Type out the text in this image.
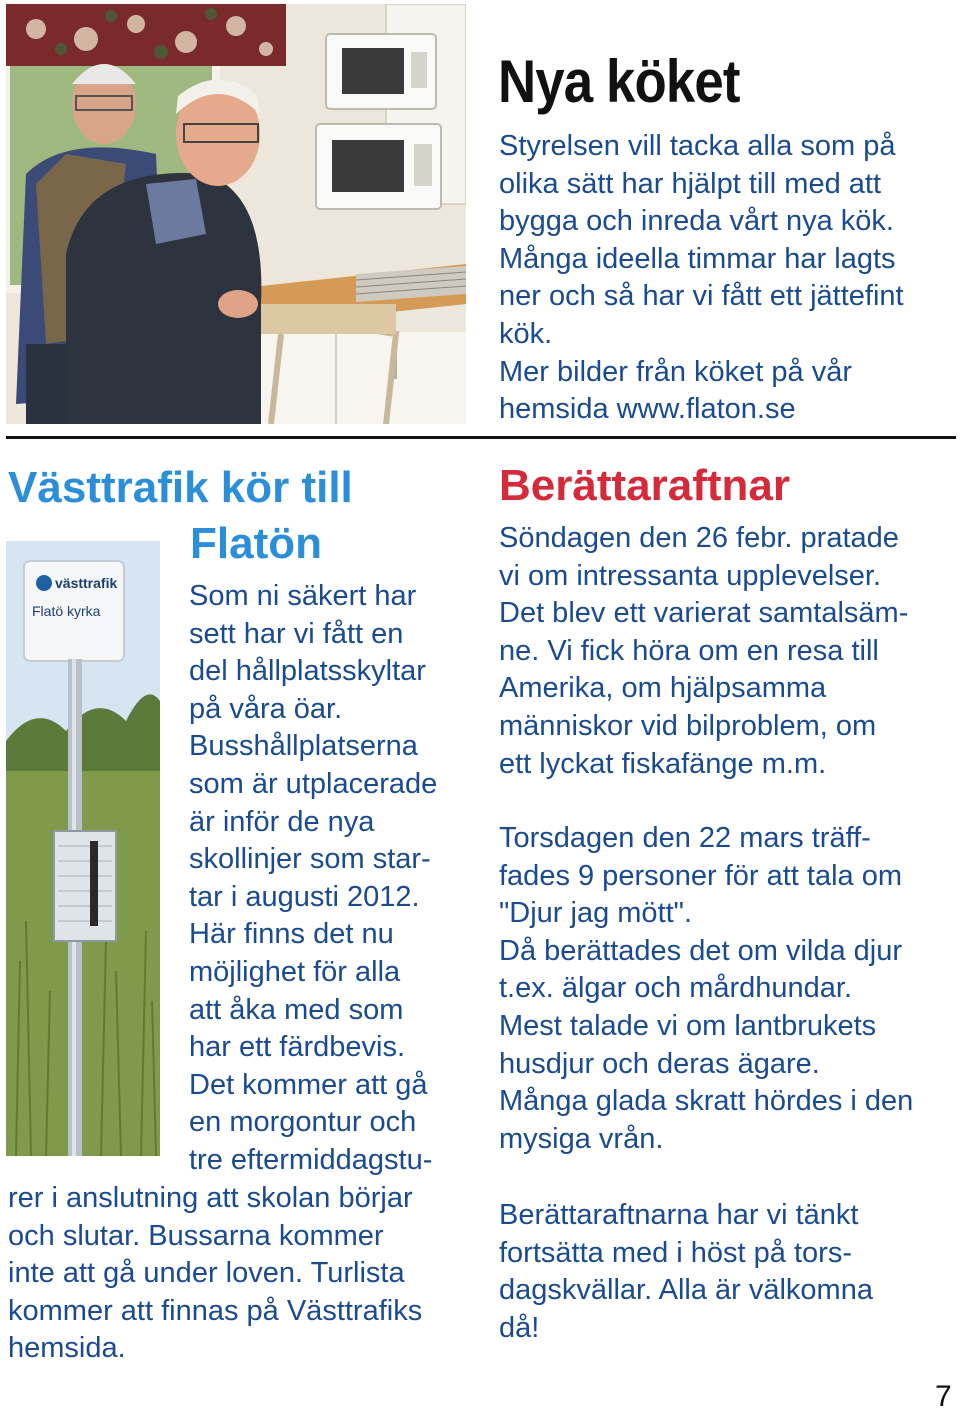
Nya köket
Styrelsen vill tacka alla som på
olika sätt har hjälpt till med att
bygga och inreda vårt nya kök.
Många ideella timmar har lagts
ner och så har vi fått ett jättefint
kök.
Mer bilder från köket på vår
hemsida www.flaton.se
Västtrafik kör till
Flatön
västtrafik
Flatö kyrka	Som ni säkert har
sett har vi fått en
del hållplatsskyltar
på våra öar.
Busshållplatserna
som är utplacerade
är inför de nya
skollinjer som star-
tar i augusti 2012.
Här finns det nu
möjlighet för alla
att åka med som
har ett färdbevis.
Det kommer att gå
en morgontur och
tre eftermiddagstu-
rer i anslutning att skolan börjar
och slutar. Bussarna kommer
inte att gå under loven. Turlista
kommer att finnas på Västtrafiks
hemsida.
Berättaraftnar
Söndagen den 26 febr. pratade
vi om intressanta upplevelser.
Det blev ett varierat samtalsäm-
ne. Vi fick höra om en resa till
Amerika, om hjälpsamma
människor vid bilproblem, om
ett lyckat fiskafänge m.m.
Torsdagen den 22 mars träff-
fades 9 personer för att tala om
"Djur jag mött".
Då berättades det om vilda djur
t.ex. älgar och mårdhundar.
Mest talade vi om lantbrukets
husdjur och deras ägare.
Många glada skratt hördes i den
mysiga vrån.
Berättaraftnarna har vi tänkt
fortsätta med i höst på tors-
dagskvällar. Alla är välkomna
då!
7
